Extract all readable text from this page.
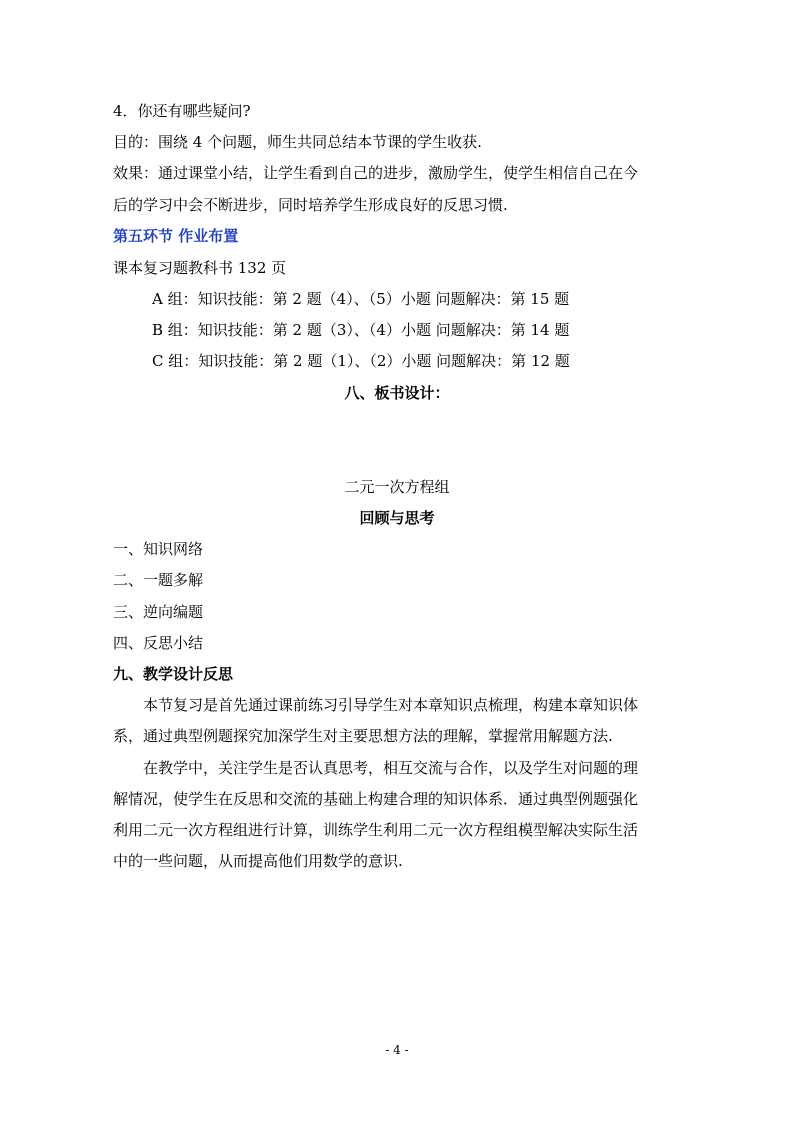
4．你还有哪些疑问?
目的：围绕 4 个问题，师生共同总结本节课的学生收获.
效果：通过课堂小结，让学生看到自己的进步，激励学生，使学生相信自己在今
后的学习中会不断进步，同时培养学生形成良好的反思习惯.
第五环节 作业布置
课本复习题教科书 132 页
A 组：知识技能：第 2 题（4）、（5）小题 问题解决：第 15 题
B 组：知识技能：第 2 题（3）、（4）小题 问题解决：第 14 题
C 组：知识技能：第 2 题（1）、（2）小题 问题解决：第 12 题
八、板书设计：
二元一次方程组
回顾与思考
一、知识网络
二、一题多解
三、逆向编题
四、反思小结
九、教学设计反思
本节复习是首先通过课前练习引导学生对本章知识点梳理，构建本章知识体
系，通过典型例题探究加深学生对主要思想方法的理解，掌握常用解题方法.
在教学中，关注学生是否认真思考，相互交流与合作，以及学生对问题的理
解情况，使学生在反思和交流的基础上构建合理的知识体系．通过典型例题强化
利用二元一次方程组进行计算，训练学生利用二元一次方程组模型解决实际生活
中的一些问题，从而提高他们用数学的意识.
- 4 -
